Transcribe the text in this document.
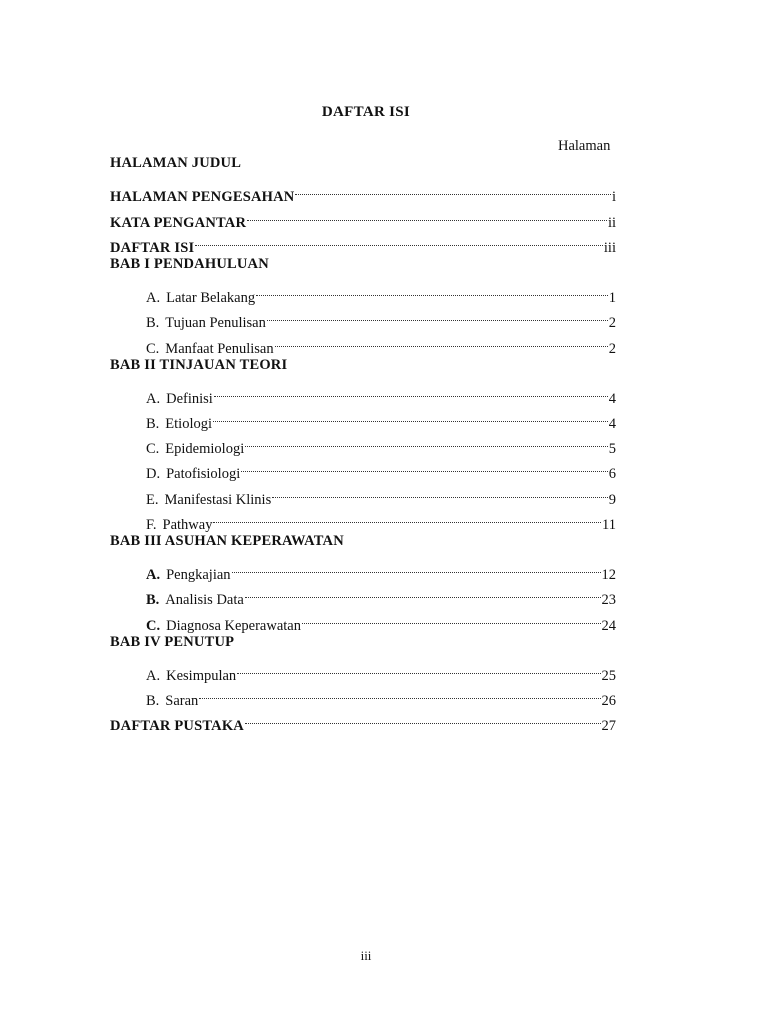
DAFTAR ISI
Halaman
HALAMAN JUDUL
HALAMAN PENGESAHAN	i
KATA PENGANTAR	ii
DAFTAR ISI	iii
BAB I PENDAHULUAN
A. Latar Belakang	1
B. Tujuan Penulisan	2
C. Manfaat Penulisan	2
BAB II TINJAUAN TEORI
A. Definisi	4
B. Etiologi	4
C. Epidemiologi	5
D. Patofisiologi	6
E. Manifestasi Klinis	9
F. Pathway	11
BAB III ASUHAN KEPERAWATAN
A. Pengkajian	12
B. Analisis Data	23
C. Diagnosa Keperawatan	24
BAB IV PENUTUP
A. Kesimpulan	25
B. Saran	26
DAFTAR PUSTAKA	27
iii
